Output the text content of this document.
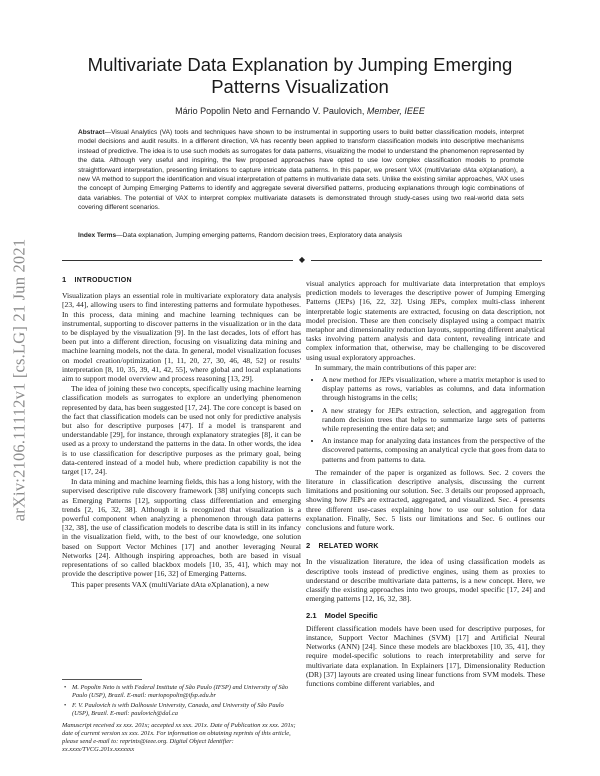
arXiv:2106.11112v1 [cs.LG] 21 Jun 2021
Multivariate Data Explanation by Jumping Emerging Patterns Visualization
Mário Popolin Neto and Fernando V. Paulovich, Member, IEEE

Abstract—Visual Analytics (VA) tools and techniques have shown to be instrumental in supporting users to build better classification models, interpret model decisions and audit results. In a different direction, VA has recently been applied to transform classification models into descriptive mechanisms instead of predictive. The idea is to use such models as surrogates for data patterns, visualizing the model to understand the phenomenon represented by the data. Although very useful and inspiring, the few proposed approaches have opted to use low complex classification models to promote straightforward interpretation, presenting limitations to capture intricate data patterns. In this paper, we present VAX (multiVariate dAta eXplanation), a new VA method to support the identification and visual interpretation of patterns in multivariate data sets. Unlike the existing similar approaches, VAX uses the concept of Jumping Emerging Patterns to identify and aggregate several diversified patterns, producing explanations through logic combinations of data variables. The potential of VAX to interpret complex multivariate datasets is demonstrated through study-cases using two real-world data sets covering different scenarios.

Index Terms—Data explanation, Jumping emerging patterns, Random decision trees, Exploratory data analysis
◆
1 INTRODUCTION

Visualization plays an essential role in multivariate exploratory data analysis [23, 44], allowing users to find interesting patterns and formulate hypotheses. In this process, data mining and machine learning techniques can be instrumental, supporting to discover patterns in the visualization or in the data to be displayed by the visualization [9]. In the last decades, lots of effort has been put into a different direction, focusing on visualizing data mining and machine learning models, not the data. In general, model visualization focuses on model creation/optimization [1, 11, 20, 27, 30, 46, 48, 52] or results' interpretation [8, 10, 35, 39, 41, 42, 55], where global and local explanations aim to support model overview and process reasoning [13, 29].

The idea of joining these two concepts, specifically using machine learning classification models as surrogates to explore an underlying phenomenon represented by data, has been suggested [17, 24]. The core concept is based on the fact that classification models can be used not only for predictive analysis but also for descriptive purposes [47]. If a model is transparent and understandable [29], for instance, through explanatory strategies [8], it can be used as a proxy to understand the patterns in the data. In other words, the idea is to use classification for descriptive purposes as the primary goal, being data-centered instead of a model hub, where prediction capability is not the target [17, 24].

In data mining and machine learning fields, this has a long history, with the supervised descriptive rule discovery framework [38] unifying concepts such as Emerging Patterns [12], supporting class differentiation and emerging trends [2, 16, 32, 38]. Although it is recognized that visualization is a powerful component when analyzing a phenomenon through data patterns [32, 38], the use of classification models to describe data is still in its infancy in the visualization field, with, to the best of our knowledge, one solution based on Support Vector Mchines [17] and another leveraging Neural Networks [24]. Although inspiring approaches, both are based in visual representations of so called blackbox models [10, 35, 41], which may not provide the descriptive power [16, 32] of Emerging Patterns.

This paper presents VAX (multiVariate dAta eXplanation), a new

• M. Popolin Neto is with Federal Institute of São Paulo (IFSP) and University of São Paulo (USP), Brazil. E-mail: mariopopolin@ifsp.edu.br
• F. V. Paulovich is with Dalhousie University, Canada, and University of São Paulo (USP), Brazil. E-mail: paulovich@dal.ca
Manuscript received xx xxx. 201x; accepted xx xxx. 201x. Date of Publication xx xxx. 201x; date of current version xx xxx. 201x. For information on obtaining reprints of this article, please send e-mail to: reprints@ieee.org. Digital Object Identifier: xx.xxxx/TVCG.201x.xxxxxxx

visual analytics approach for multivariate data interpretation that employs prediction models to leverages the descriptive power of Jumping Emerging Patterns (JEPs) [16, 22, 32]. Using JEPs, complex multi-class inherent interpretable logic statements are extracted, focusing on data description, not model precision. These are then concisely displayed using a compact matrix metaphor and dimensionality reduction layouts, supporting different analytical tasks involving pattern analysis and data content, revealing intricate and complex information that, otherwise, may be challenging to be discovered using usual exploratory approaches.

In summary, the main contributions of this paper are:

• A new method for JEPs visualization, where a matrix metaphor is used to display patterns as rows, variables as columns, and data information through histograms in the cells;
• A new strategy for JEPs extraction, selection, and aggregation from random decision trees that helps to summarize large sets of patterns while representing the entire data set; and
• An instance map for analyzing data instances from the perspective of the discovered patterns, composing an analytical cycle that goes from data to patterns and from patterns to data.

The remainder of the paper is organized as follows. Sec. 2 covers the literature in classification descriptive analysis, discussing the current limitations and positioning our solution. Sec. 3 details our proposed approach, showing how JEPs are extracted, aggregated, and visualized. Sec. 4 presents three different use-cases explaining how to use our solution for data explanation. Finally, Sec. 5 lists our limitations and Sec. 6 outlines our conclusions and future work.

2 RELATED WORK

In the visualization literature, the idea of using classification models as descriptive tools instead of predictive engines, using them as proxies to understand or describe multivariate data patterns, is a new concept. Here, we classify the existing approaches into two groups, model specific [17, 24] and emerging patterns [12, 16, 32, 38].

2.1 Model Specific

Different classification models have been used for descriptive purposes, for instance, Support Vector Machines (SVM) [17] and Artificial Neural Networks (ANN) [24]. Since these models are blackboxes [10, 35, 41], they require model-specific solutions to reach interpretability and serve for multivariate data explanation. In Explainers [17], Dimensionality Reduction (DR) [37] layouts are created using linear functions from SVM models. These functions combine different variables, and
